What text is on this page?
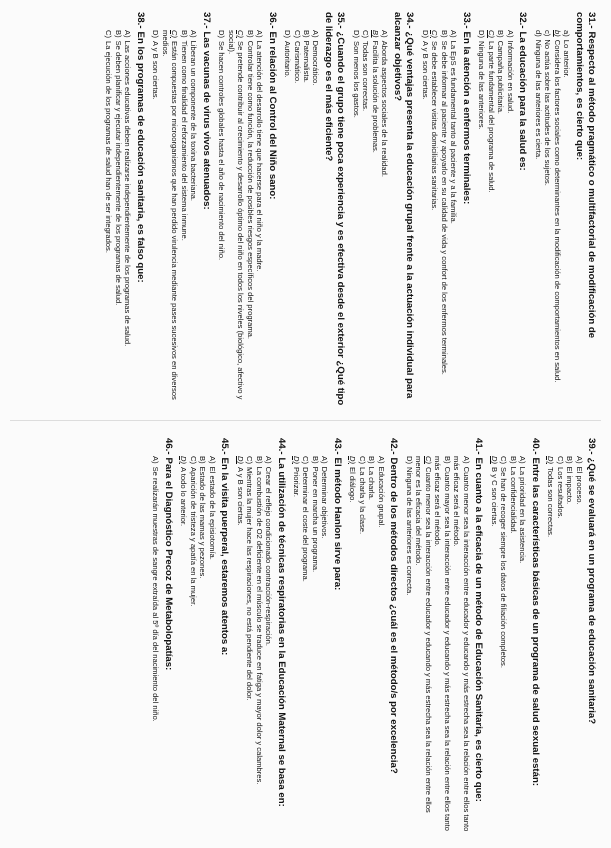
31.-Respecto al método pragmático o multifactorial de modificación de comportamientos, es cierto que:
a)Lo anterior.
b)Considera los factores sociales como determinantes en la modificación de comportamientos en salud.
c)No actúa sobre las actitudes de los sujetos.
d)Ninguna de las anteriores es cierta.
32.-La educación para la salud es:
A)Información en salud.
B)Campaña publicitaria.
C)La parte fundamental del programa de salud.
D)Ninguna de las anteriores.
33.-En la atención a enfermos terminales:
A)La EpS es fundamental tanto al paciente y a la familia.
B)Se debe informar al paciente y apoyarlo en su calidad de vida y confort de los enfermos terminales.
C)Se debe establecer visitas domiciliarias sanitarias.
D)A y B son ciertas.
34.-¿Qué ventajas presenta la educación grupal frente a la actuación individual para alcanzar objetivos?
A)Aborda aspectos sociales de la realidad.
B)Facilita la solución de problemas.
C)Todas son correctas.
D)Son menos los gastos.
35.-¿Cuando el grupo tiene poca experiencia y es efectiva desde el exterior ¿Qué tipo de liderazgo es el más eficiente?
A)Democrático.
B)Paternalista.
C)Carismático.
D)Autoritario.
36.-En relación al Control del Niño sano:
A)La atención del desarrollo tiene que hacerse para el niño y la madre.
B)Controlar tiene como función, la reducción de posibles riesgos específicos del programa.
C)Se pretende contribuir al crecimiento y desarrollo óptimo del niño en todos los niveles (biológico, afectivo y social).
D)Se hacen controles globales hasta el año de nacimiento del niño.
37.-Las vacunas de virus vivos atenuados:
A)Liberan un componente de la toxina bacteriana.
B)Tienen como finalidad el reforzamiento del sistema inmune.
C)Están compuestas por microorganismos que han perdido virulencia mediante pases sucesivos en diversos medios.
D)A y B son ciertas.
38.-En los programas de educación sanitaria, es falso que:
A)Las acciones educativas deben realizarse independientemente de los programas de salud.
B)Se deben planificar y ejecutar independientemente de los programas de salud.
C)La ejecución de los programas de salud han de ser integrados.
39.-¿Qué se evaluará en un programa de educación sanitaria?
A)El proceso.
B)El impacto.
C)Los resultados.
D)Todas son correctas.
40.-Entre las características básicas de un programa de salud sexual están:
A)La prioridad en la asistencia.
B)La confidencialidad.
C)Se han de recoger siempre los datos de filiación completos.
D)B y C son ciertas.
41.-En cuanto a la eficacia de un método de Educación Sanitaria, es cierto que:
A)Cuanto menor sea la interacción entre educador y educando y más estrecha sea la relación entre ellos tanto más eficaz será el método.
B)Cuanto mayor sea la interacción entre educador y educando y más estrecha sea la relación entre ellos tanto más eficaz será el método.
C)Cuanto menor sea la interacción entre educador y educando y más estrecha sea la relación entre ellos menor es la eficacia del método.
D)Ninguna de las anteriores es correcta.
42.-Dentro de los métodos directos ¿cuál es el método/s por excelencia?
A)Educación grupal.
B)La charla.
C)La charla y la clase.
D)El diálogo.
43.-El método Hanlon sirve para:
A)Determinar objetivos.
B)Poner en marcha un programa.
C)Determinar el coste del programa.
D)Priorizar.
44.-La utilización de técnicas respiratorias en la Educación Maternal se basa en:
A)Crear el reflejo condicionado contracción-respiración.
B)La combustión de O2 deficiente en el músculo se traduce en fatiga y mayor dolor y calambres.
C)Mientras la mujer hace las respiraciones, no está pendiente del dolor.
D)A y B son ciertas.
45.-En la visita puerperal, estaremos atentos a:
A)El estado de la episiotomía.
B)Estado de las mamas y pezones.
C)Aparición de tristeza y apatía en la mujer.
D)A todo lo anterior.
46.-Para el Diagnóstico Precoz de Metabolopatías:
A)Se realizarán muestras de sangre extraída al 5º día del nacimiento del niño.
